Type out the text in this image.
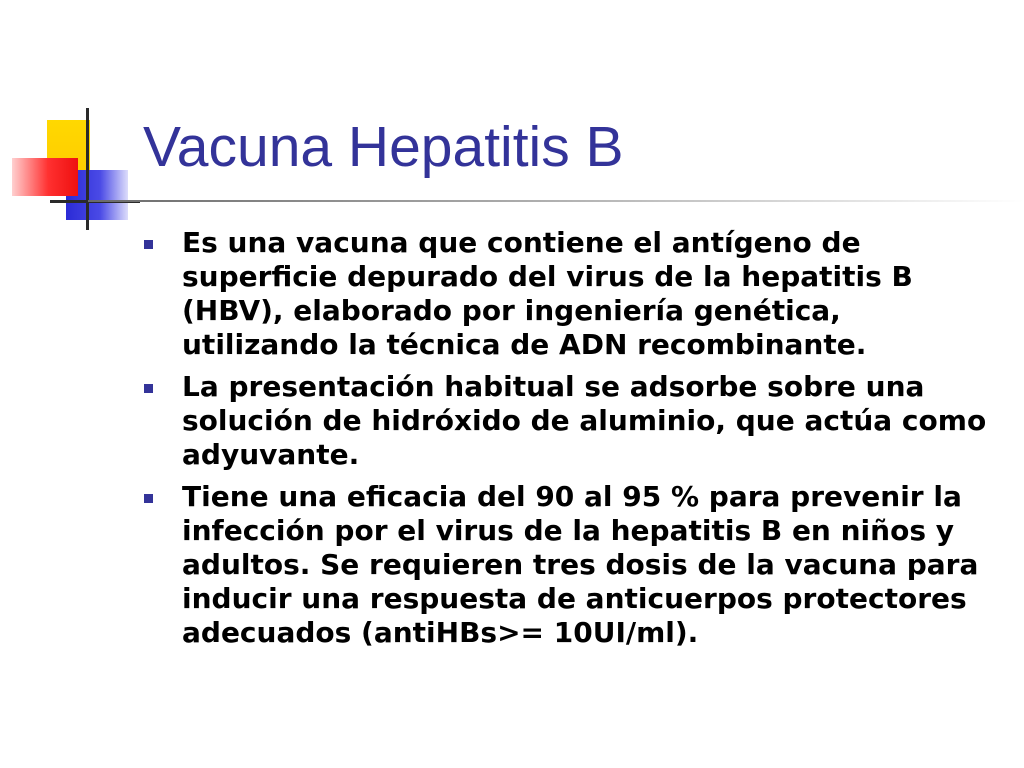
Vacuna Hepatitis B
Es una vacuna que contiene el antígeno de superficie depurado del virus de la hepatitis B (HBV), elaborado por ingeniería genética, utilizando la técnica de ADN recombinante.
La presentación habitual se adsorbe sobre una solución de hidróxido de aluminio, que actúa como adyuvante.
Tiene una eficacia del 90 al 95 % para prevenir la infección por el virus de la hepatitis B en niños y adultos. Se requieren tres dosis de la vacuna para inducir una respuesta de anticuerpos protectores adecuados (antiHBs>= 10UI/ml).
